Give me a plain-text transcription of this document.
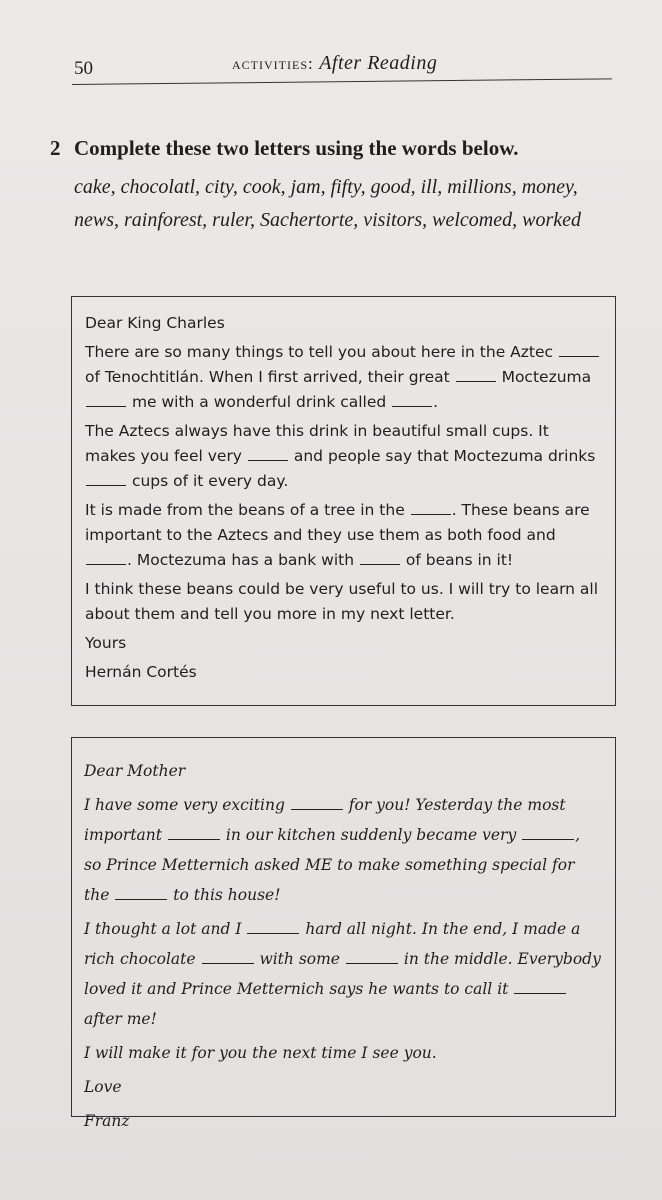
50	activities: After Reading

2 Complete these two letters using the words below.

cake, chocolatl, city, cook, jam, fifty, good, ill, millions, money, news, rainforest, ruler, Sachertorte, visitors, welcomed, worked

Dear King Charles

There are so many things to tell you about here in the Aztec  of Tenochtitlán. When I first arrived, their great	Moctezuma  me with a wonderful drink called	.

The Aztecs always have this drink in beautiful small cups. It makes you feel very	and people say that Moctezuma drinks  cups of it every day.

It is made from the beans of a tree in the	. These beans are important to the Aztecs and they use them as both food and . Moctezuma has a bank with	of beans in it!

I think these beans could be very useful to us. I will try to learn all about them and tell you more in my next letter.

Yours

Hernán Cortés

Dear Mother

I have some very exciting	for you! Yesterday the most important	in our kitchen suddenly became very	, so Prince Metternich asked ME to make something special for the	to this house!

I thought a lot and I	hard all night. In the end, I made a rich chocolate	with some	in the middle. Everybody loved it and Prince Metternich says he wants to call it  after me!

I will make it for you the next time I see you.

Love

Franz
